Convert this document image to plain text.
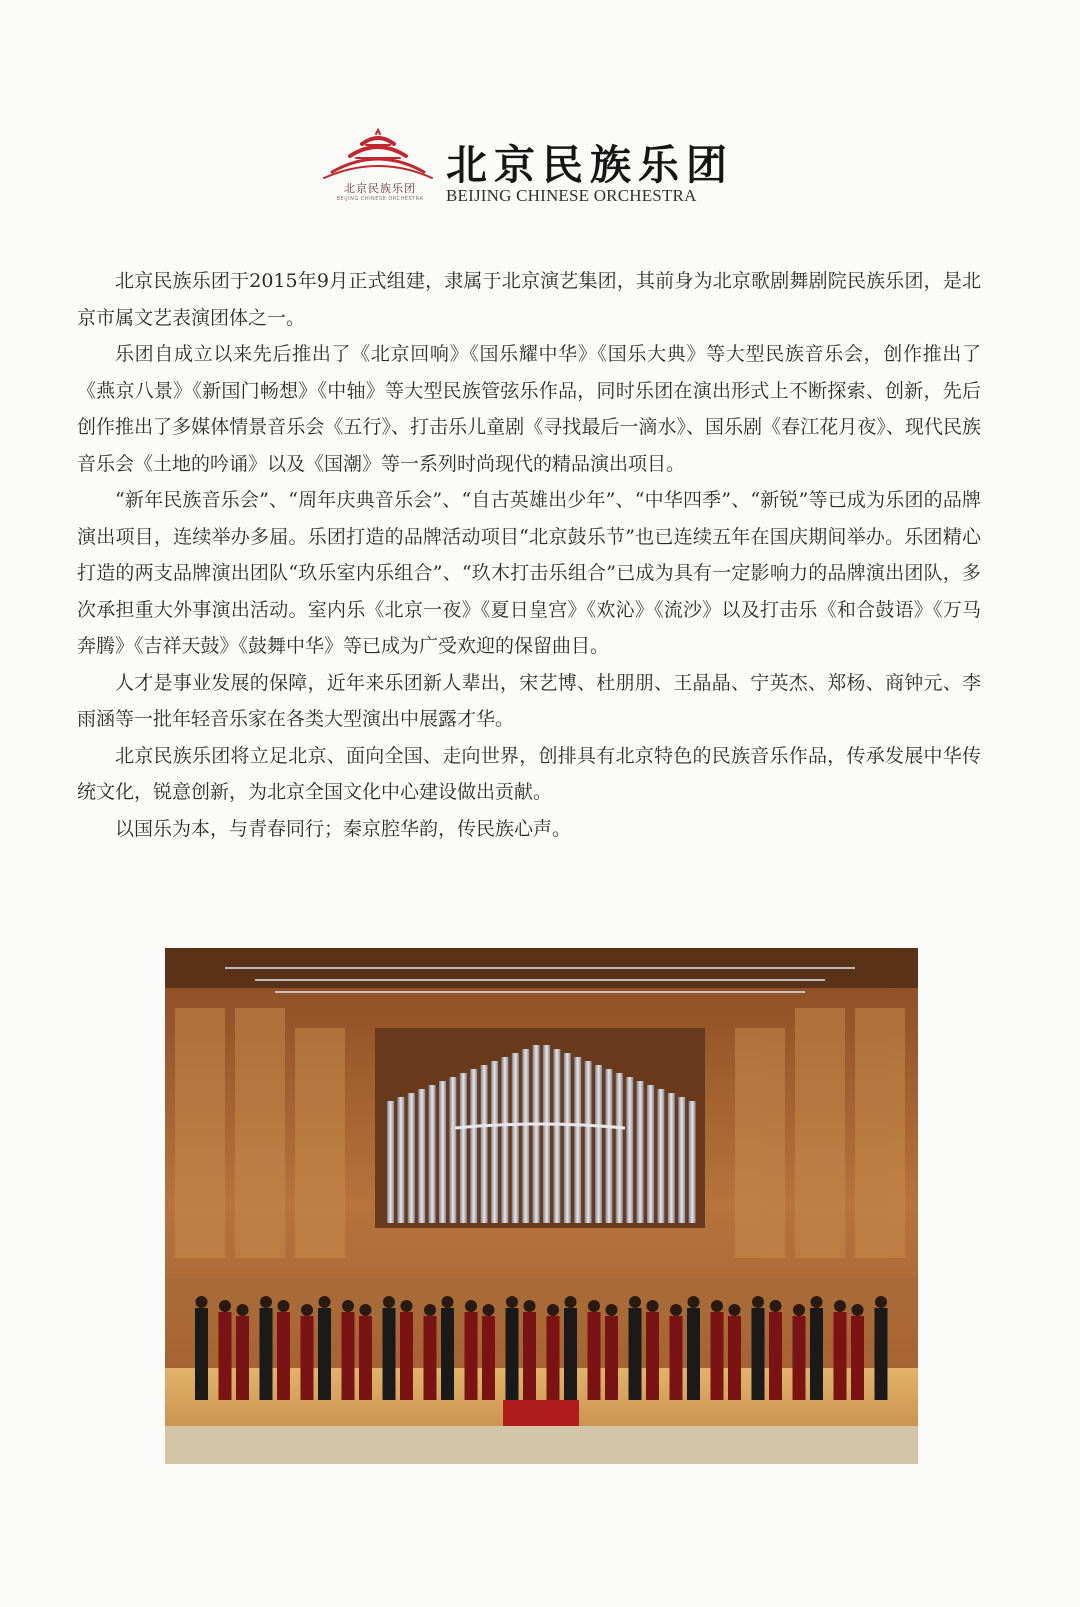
北京民族乐团
BEIJING CHINESE ORCHESTRA
北京民族乐团
BEIJING CHINESE ORCHESTRA

北京民族乐团于2015年9月正式组建，隶属于北京演艺集团，其前身为北京歌剧舞剧院民族乐团，是北京市属文艺表演团体之一。

乐团自成立以来先后推出了《北京回响》《国乐耀中华》《国乐大典》等大型民族音乐会，创作推出了《燕京八景》《新国门畅想》《中轴》等大型民族管弦乐作品，同时乐团在演出形式上不断探索、创新，先后创作推出了多媒体情景音乐会《五行》、打击乐儿童剧《寻找最后一滴水》、国乐剧《春江花月夜》、现代民族音乐会《土地的吟诵》以及《国潮》等一系列时尚现代的精品演出项目。

“新年民族音乐会”、“周年庆典音乐会”、“自古英雄出少年”、“中华四季”、“新锐”等已成为乐团的品牌演出项目，连续举办多届。乐团打造的品牌活动项目“北京鼓乐节”也已连续五年在国庆期间举办。乐团精心打造的两支品牌演出团队“玖乐室内乐组合”、“玖木打击乐组合”已成为具有一定影响力的品牌演出团队，多次承担重大外事演出活动。室内乐《北京一夜》《夏日皇宫》《欢沁》《流沙》以及打击乐《和合鼓语》《万马奔腾》《吉祥天鼓》《鼓舞中华》等已成为广受欢迎的保留曲目。

人才是事业发展的保障，近年来乐团新人辈出，宋艺博、杜朋朋、王晶晶、宁英杰、郑杨、商钟元、李雨涵等一批年轻音乐家在各类大型演出中展露才华。

北京民族乐团将立足北京、面向全国、走向世界，创排具有北京特色的民族音乐作品，传承发展中华传统文化，锐意创新，为北京全国文化中心建设做出贡献。

以国乐为本，与青春同行；秦京腔华韵，传民族心声。
